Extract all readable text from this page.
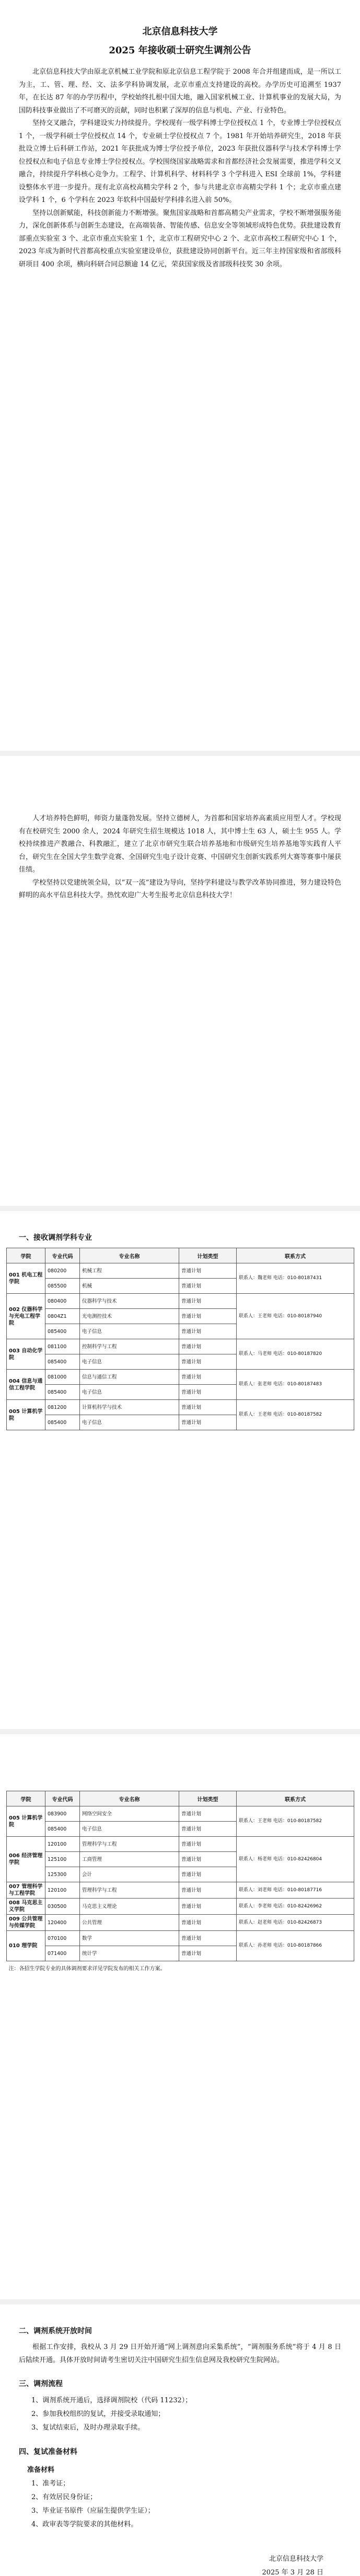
北京信息科技大学
2025 年接收硕士研究生调剂公告

北京信息科技大学由原北京机械工业学院和原北京信息工程学院于 2008 年合并组建而成，是一所以工为主，工、管、理、经、文、法多学科协调发展，北京市重点支持建设的高校。办学历史可追溯至 1937 年，在长达 87 年的办学历程中，学校始终扎根中国大地，融入国家机械工业、计算机事业的发展大局，为国防科技事业做出了不可磨灭的贡献，同时也积累了深厚的信息与机电、产业、行业特色。

坚持交叉融合，学科建设实力持续提升。学校现有一级学科博士学位授权点 1 个，专业博士学位授权点 1 个，一级学科硕士学位授权点 14 个，专业硕士学位授权点 7 个。1981 年开始培养研究生，2018 年获批设立博士后科研工作站，2021 年获批成为博士学位授予单位，2023 年获批仪器科学与技术学科博士学位授权点和电子信息专业博士学位授权点。学校围绕国家战略需求和首都经济社会发展需要，推进学科交叉融合，持续提升学科核心竞争力。工程学、计算机科学、材料科学 3 个学科进入 ESI 全球前 1%，学科建设整体水平进一步提升。现有北京高校高精尖学科 2 个，参与共建北京市高精尖学科 1 个；北京市重点建设学科 1 个，6 个学科在 2023 年软科中国最好学科排名进入前 50%。

坚持以创新赋能，科技创新能力不断增强。聚焦国家战略和首都高精尖产业需求，学校不断增强服务能力，深化创新体系与创新生态建设，在高端装备、智能传感、信息安全等领域形成特色优势。获批建设教育部重点实验室 3 个、北京市重点实验室 1 个，北京市工程研究中心 2 个、北京市高校工程研究中心 1 个，2023 年成为新时代首都高校重点实验室建设单位，获批建设协同创新平台。近三年主持国家级和省部级科研项目 400 余项，横向科研合同总额逾 14 亿元，荣获国家级及省部级科技奖 30 余项。

人才培养特色鲜明，师资力量蓬勃发展。坚持立德树人，为首都和国家培养高素质应用型人才。学校现有在校研究生 2000 余人，2024 年研究生招生规模达 1018 人，其中博士生 63 人，硕士生 955 人。学校持续推进产教融合、科教融汇，建立了北京市研究生联合培养基地和市级研究生培养基地等实践育人平台，研究生在全国大学生数学竞赛、全国研究生电子设计竞赛、中国研究生创新实践系列大赛等赛事中屡获佳绩。

学校坚持以党建统领全局，以“双一流”建设为导向，坚持学科建设与教学改革协同推进，努力建设特色鲜明的高水平信息科技大学。热忱欢迎广大考生报考北京信息科技大学！

一、接收调剂学科专业
学院	专业代码	专业名称	计划类型	联系方式
001 机电工程学院	080200	机械工程	普通计划	联系人：魏老师 电话：010-80187431
	085500	机械	普通计划	
002 仪器科学与光电工程学院	080400	仪器科学与技术	普通计划	联系人：王老师 电话：010-80187940
	0804Z1	光电测控技术	普通计划	
	085400	电子信息	普通计划	
003 自动化学院	081100	控制科学与工程	普通计划	联系人：马老师 电话：010-80187820
	085400	电子信息	普通计划	
004 信息与通信工程学院	081000	信息与通信工程	普通计划	联系人：张老师 电话：010-80187483
	085400	电子信息	普通计划	
005 计算机学院	081200	计算机科学与技术	普通计划	联系人：王老师 电话：010-80187582
	085400	电子信息	普通计划	
学院	专业代码	专业名称	计划类型	联系方式
005 计算机学院	083900	网络空间安全	普通计划	联系人：王老师 电话：010-80187582
	085400	电子信息	普通计划	
006 经济管理学院	120100	管理科学与工程	普通计划	联系人：杨老师 电话：010-82426804
	125100	工商管理	普通计划	
	125300	会计	普通计划	
007 管理科学与工程学院	120100	管理科学与工程	普通计划	联系人：刘老师 电话：010-80187716
008 马克思主义学院	030500	马克思主义理论	普通计划	联系人：李老师 电话：010-82426962
009 公共管理与传媒学院	120400	公共管理	普通计划	联系人：赵老师 电话：010-82426873
010 理学院	070100	数学	普通计划	联系人：孙老师 电话：010-80187866
	071400	统计学	普通计划	
注：各招生学院专业的具体调剂要求详见学院发布的相关工作方案。				
二、调剂系统开放时间

根据工作安排，我校从 3 月 29 日开始开通“网上调剂意向采集系统”，“调剂服务系统”将于 4 月 8 日后陆续开通。具体开放时间请考生密切关注中国研究生招生信息网及我校研究生院网站。

三、调剂流程
1、调剂系统开通后，选择调剂院校（代码 11232）；
2、参加我校组织的复试，并接受录取通知；
3、复试结束后，及时办理录取手续。
四、复试准备材料
准备材料
1、准考证；
2、有效居民身份证；
3、毕业证书原件（应届生提供学生证）；
4、政审表等学院要求的其他材料。
北京信息科技大学
2025 年 3 月 28 日
